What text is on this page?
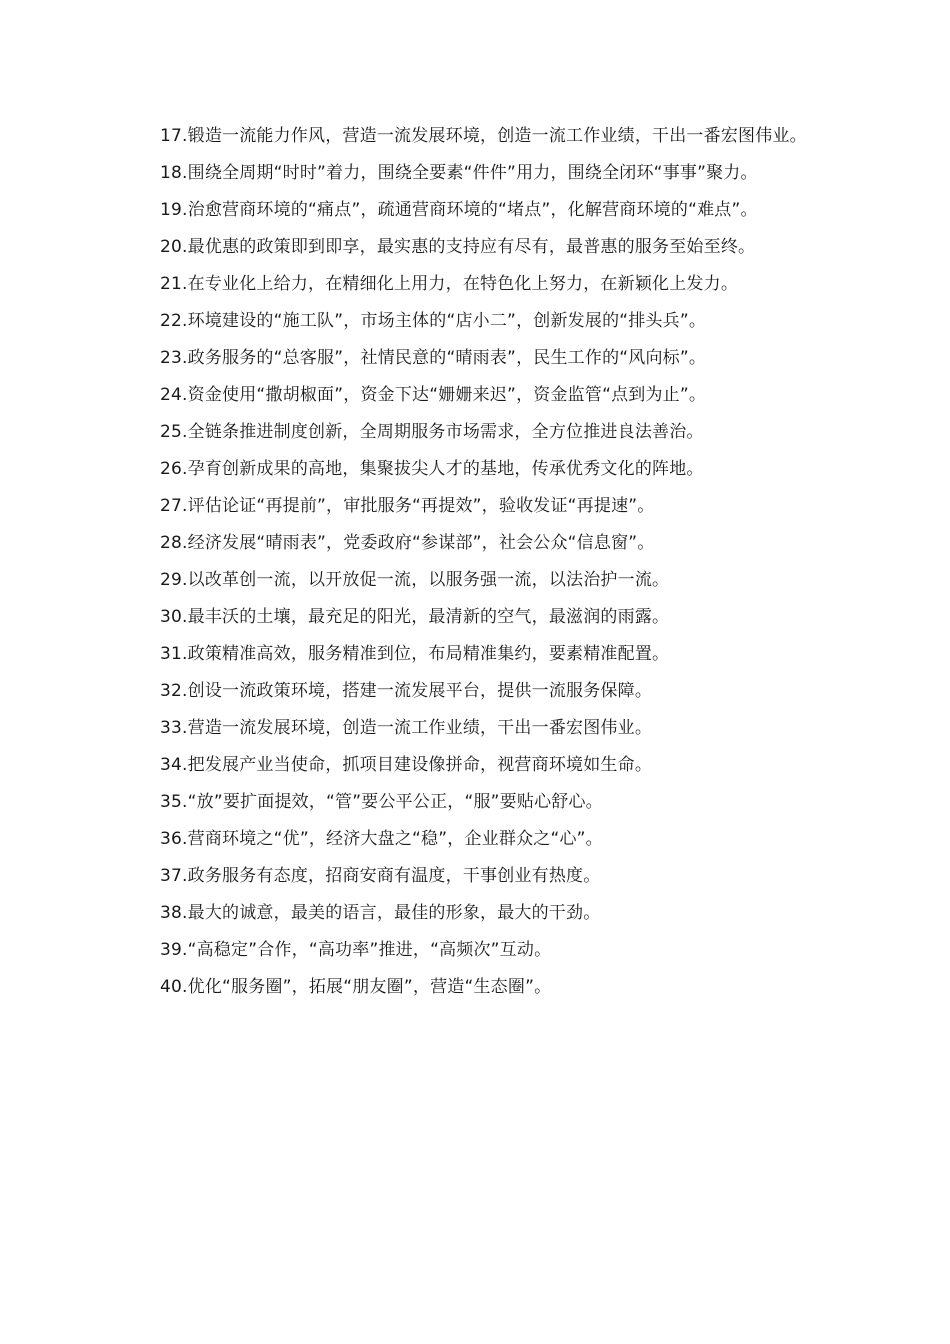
17.锻造一流能力作风，营造一流发展环境，创造一流工作业绩，干出一番宏图伟业。

18.围绕全周期“时时”着力，围绕全要素“件件”用力，围绕全闭环“事事”聚力。

19.治愈营商环境的“痛点”，疏通营商环境的“堵点”，化解营商环境的“难点”。

20.最优惠的政策即到即享，最实惠的支持应有尽有，最普惠的服务至始至终。

21.在专业化上给力，在精细化上用力，在特色化上努力，在新颖化上发力。

22.环境建设的“施工队”，市场主体的“店小二”，创新发展的“排头兵”。

23.政务服务的“总客服”，社情民意的“晴雨表”，民生工作的“风向标”。

24.资金使用“撒胡椒面”，资金下达“姗姗来迟”，资金监管“点到为止”。

25.全链条推进制度创新，全周期服务市场需求，全方位推进良法善治。

26.孕育创新成果的高地，集聚拔尖人才的基地，传承优秀文化的阵地。

27.评估论证“再提前”，审批服务“再提效”，验收发证“再提速”。

28.经济发展“晴雨表”，党委政府“参谋部”，社会公众“信息窗”。

29.以改革创一流，以开放促一流，以服务强一流，以法治护一流。

30.最丰沃的土壤，最充足的阳光，最清新的空气，最滋润的雨露。

31.政策精准高效，服务精准到位，布局精准集约，要素精准配置。

32.创设一流政策环境，搭建一流发展平台，提供一流服务保障。

33.营造一流发展环境，创造一流工作业绩，干出一番宏图伟业。

34.把发展产业当使命，抓项目建设像拼命，视营商环境如生命。

35.“放”要扩面提效，“管”要公平公正，“服”要贴心舒心。

36.营商环境之“优”，经济大盘之“稳”，企业群众之“心”。

37.政务服务有态度，招商安商有温度，干事创业有热度。

38.最大的诚意，最美的语言，最佳的形象，最大的干劲。

39.“高稳定”合作，“高功率”推进，“高频次”互动。

40.优化“服务圈”，拓展“朋友圈”，营造“生态圈”。
